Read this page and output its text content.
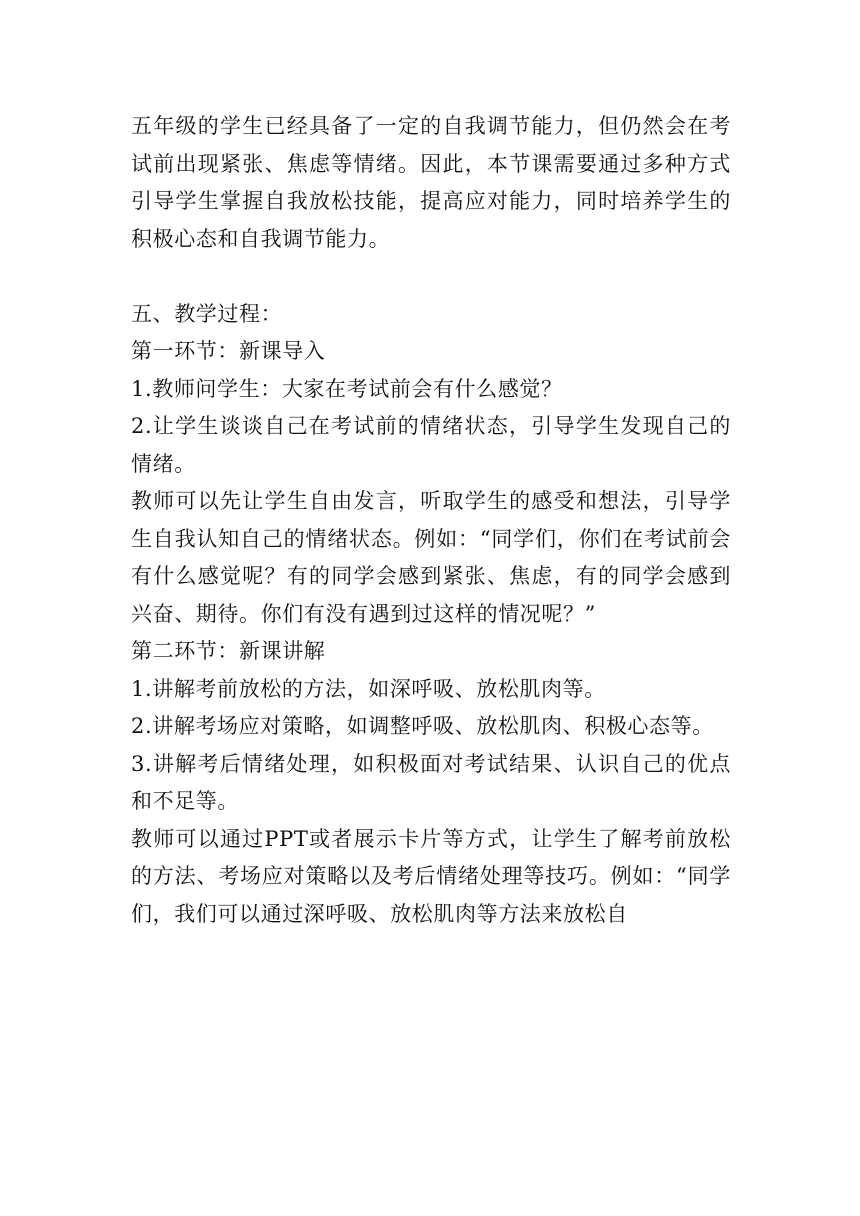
五年级的学生已经具备了一定的自我调节能力，但仍然会在考试前出现紧张、焦虑等情绪。因此，本节课需要通过多种方式引导学生掌握自我放松技能，提高应对能力，同时培养学生的积极心态和自我调节能力。

五、教学过程：

第一环节：新课导入

1.教师问学生：大家在考试前会有什么感觉？

2.让学生谈谈自己在考试前的情绪状态，引导学生发现自己的情绪。

教师可以先让学生自由发言，听取学生的感受和想法，引导学生自我认知自己的情绪状态。例如：“同学们，你们在考试前会有什么感觉呢？有的同学会感到紧张、焦虑，有的同学会感到兴奋、期待。你们有没有遇到过这样的情况呢？”

第二环节：新课讲解

1.讲解考前放松的方法，如深呼吸、放松肌肉等。

2.讲解考场应对策略，如调整呼吸、放松肌肉、积极心态等。

3.讲解考后情绪处理，如积极面对考试结果、认识自己的优点和不足等。

教师可以通过PPT或者展示卡片等方式，让学生了解考前放松的方法、考场应对策略以及考后情绪处理等技巧。例如：“同学们，我们可以通过深呼吸、放松肌肉等方法来放松自
